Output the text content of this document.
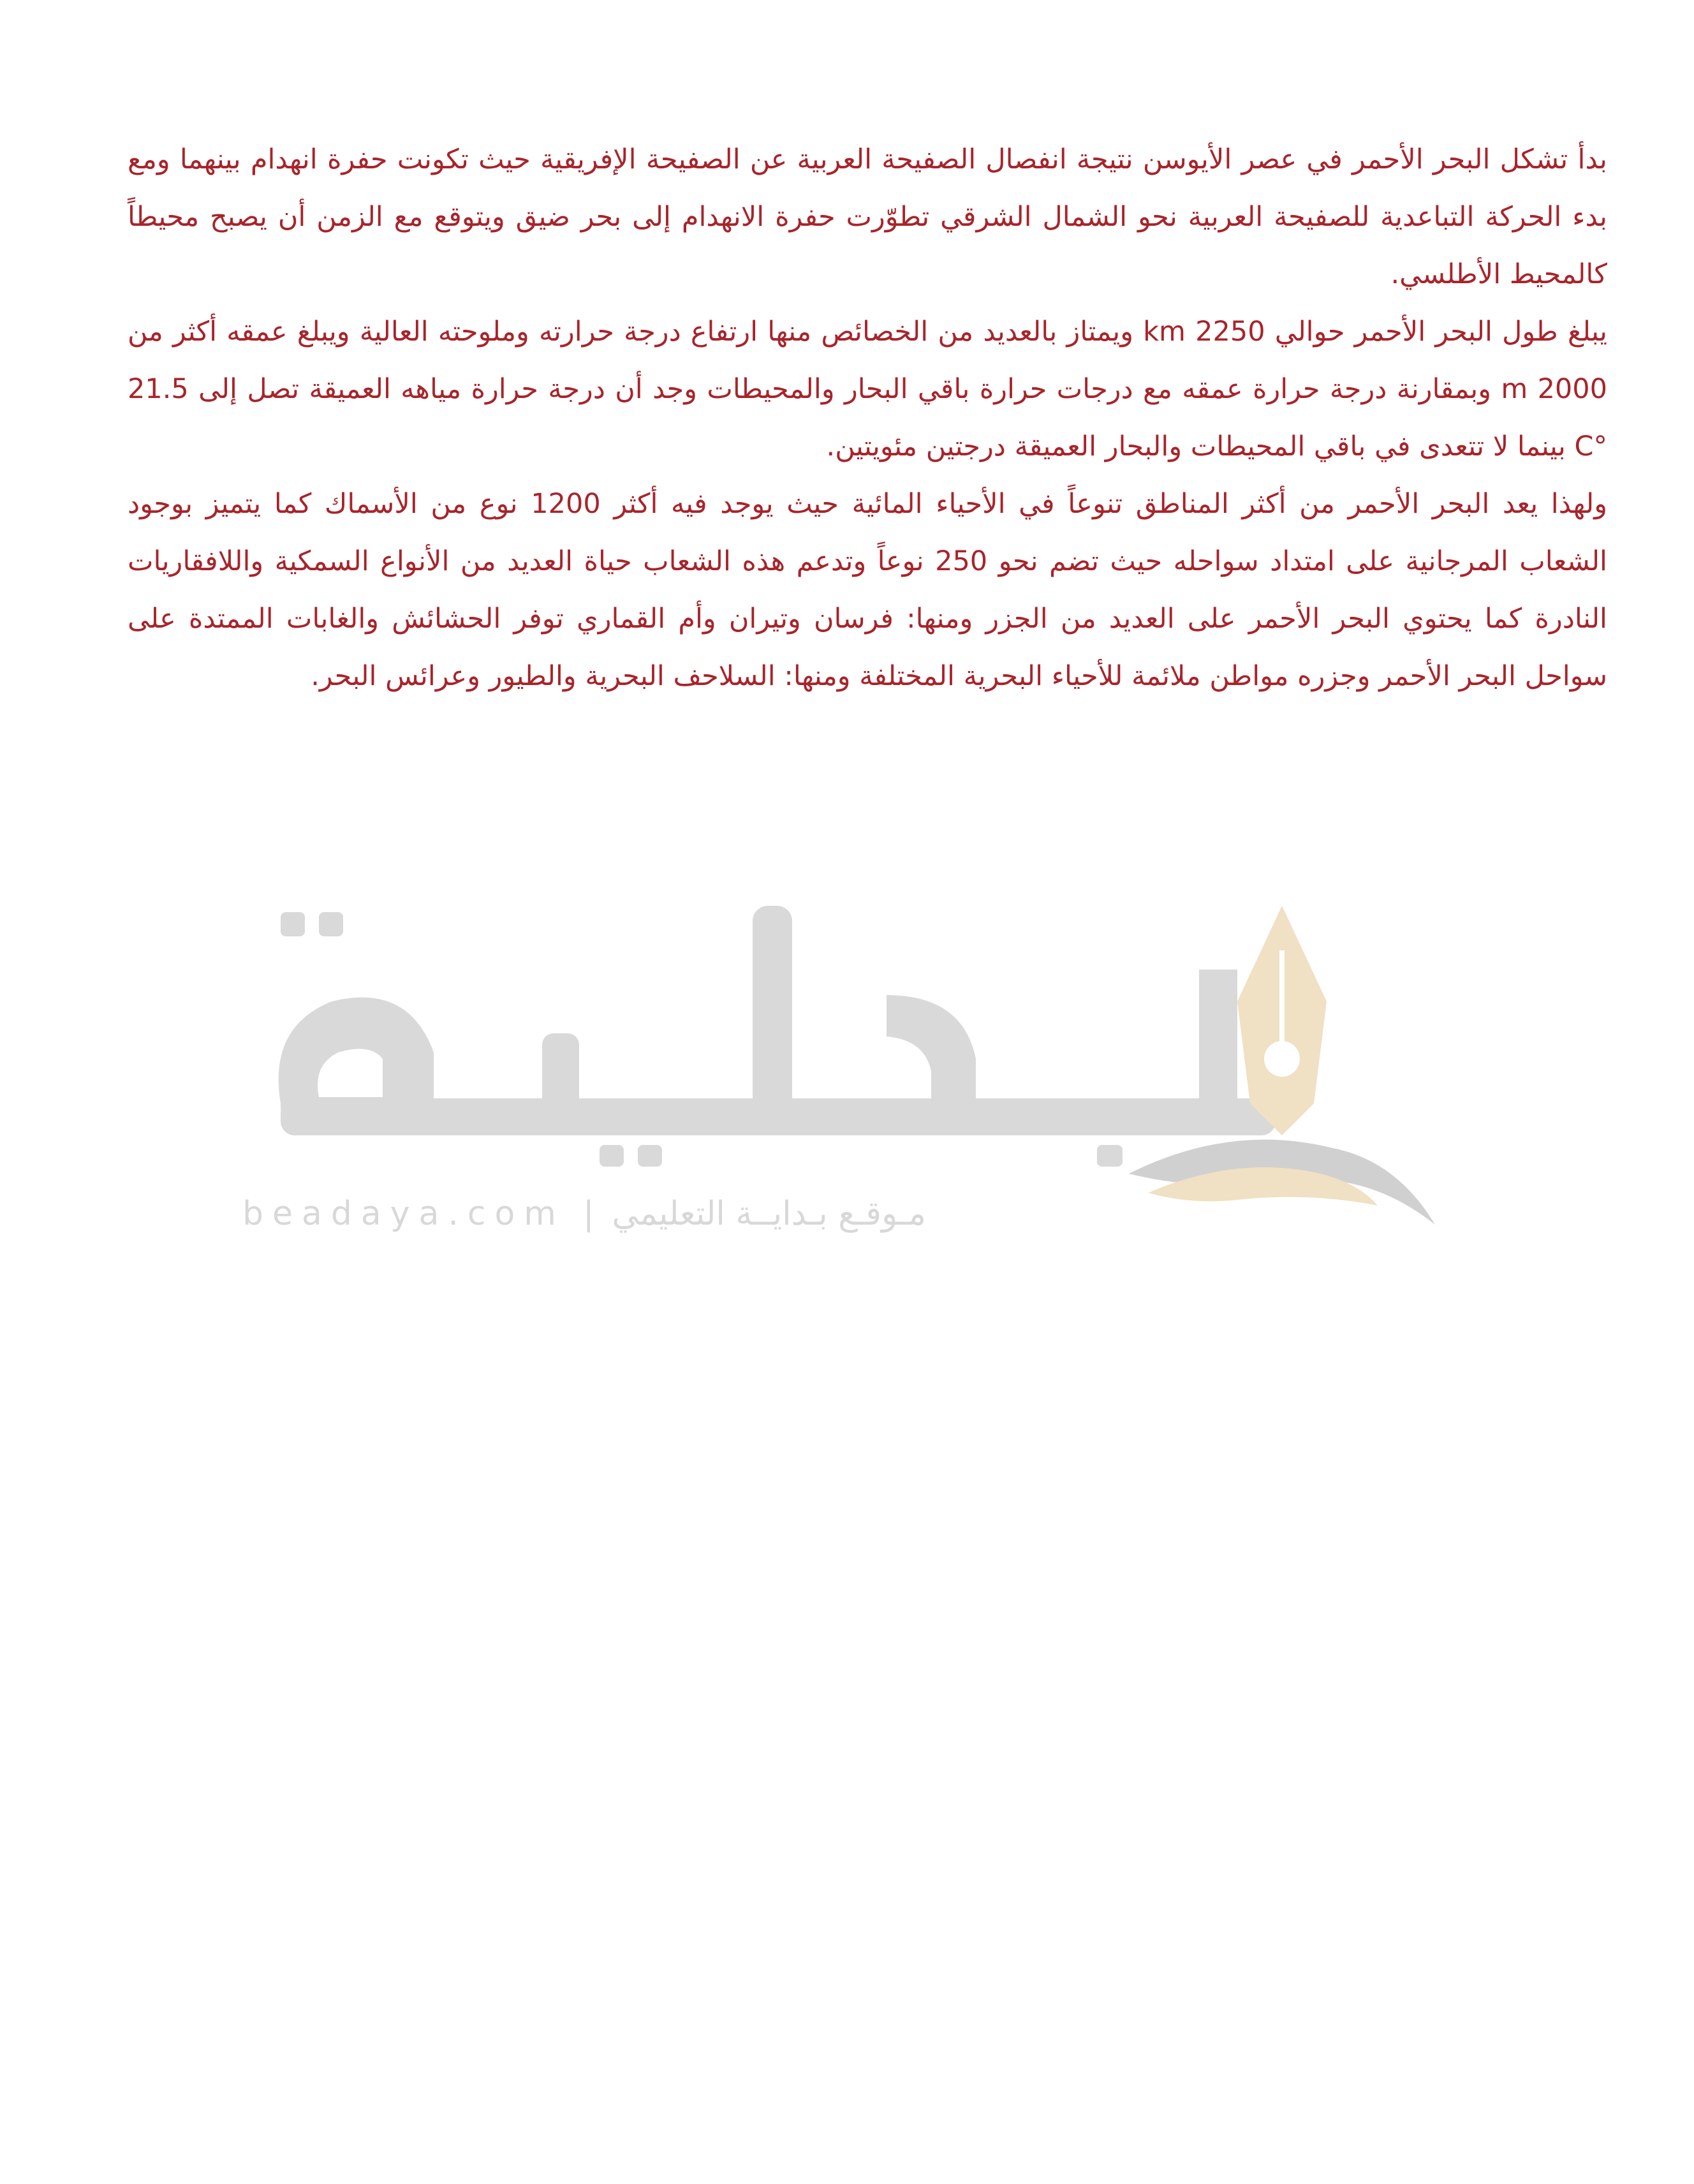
بدأ تشكل البحر الأحمر في عصر الأيوسن نتيجة انفصال الصفيحة العربية عن الصفيحة الإفريقية حيث تكونت حفرة انهدام بينهما ومع بدء الحركة التباعدية للصفيحة العربية نحو الشمال الشرقي تطوّرت حفرة الانهدام إلى بحر ضيق ويتوقع مع الزمن أن يصبح محيطاً كالمحيط الأطلسي.

يبلغ طول البحر الأحمر حوالي 2250 km ويمتاز بالعديد من الخصائص منها ارتفاع درجة حرارته وملوحته العالية ويبلغ عمقه أكثر من 2000 m وبمقارنة درجة حرارة عمقه مع درجات حرارة باقي البحار والمحيطات وجد أن درجة حرارة مياهه العميقة تصل إلى 21.5 °C بينما لا تتعدى في باقي المحيطات والبحار العميقة درجتين مئويتين.

ولهذا يعد البحر الأحمر من أكثر المناطق تنوعاً في الأحياء المائية حيث يوجد فيه أكثر 1200 نوع من الأسماك كما يتميز بوجود الشعاب المرجانية على امتداد سواحله حيث تضم نحو 250 نوعاً وتدعم هذه الشعاب حياة العديد من الأنواع السمكية واللافقاريات النادرة كما يحتوي البحر الأحمر على العديد من الجزر ومنها: فرسان وتيران وأم القماري توفر الحشائش والغابات الممتدة على سواحل البحر الأحمر وجزره مواطن ملائمة للأحياء البحرية المختلفة ومنها: السلاحف البحرية والطيور وعرائس البحر.

beadaya.com | مـوقـع بـدايــة التعليمي
